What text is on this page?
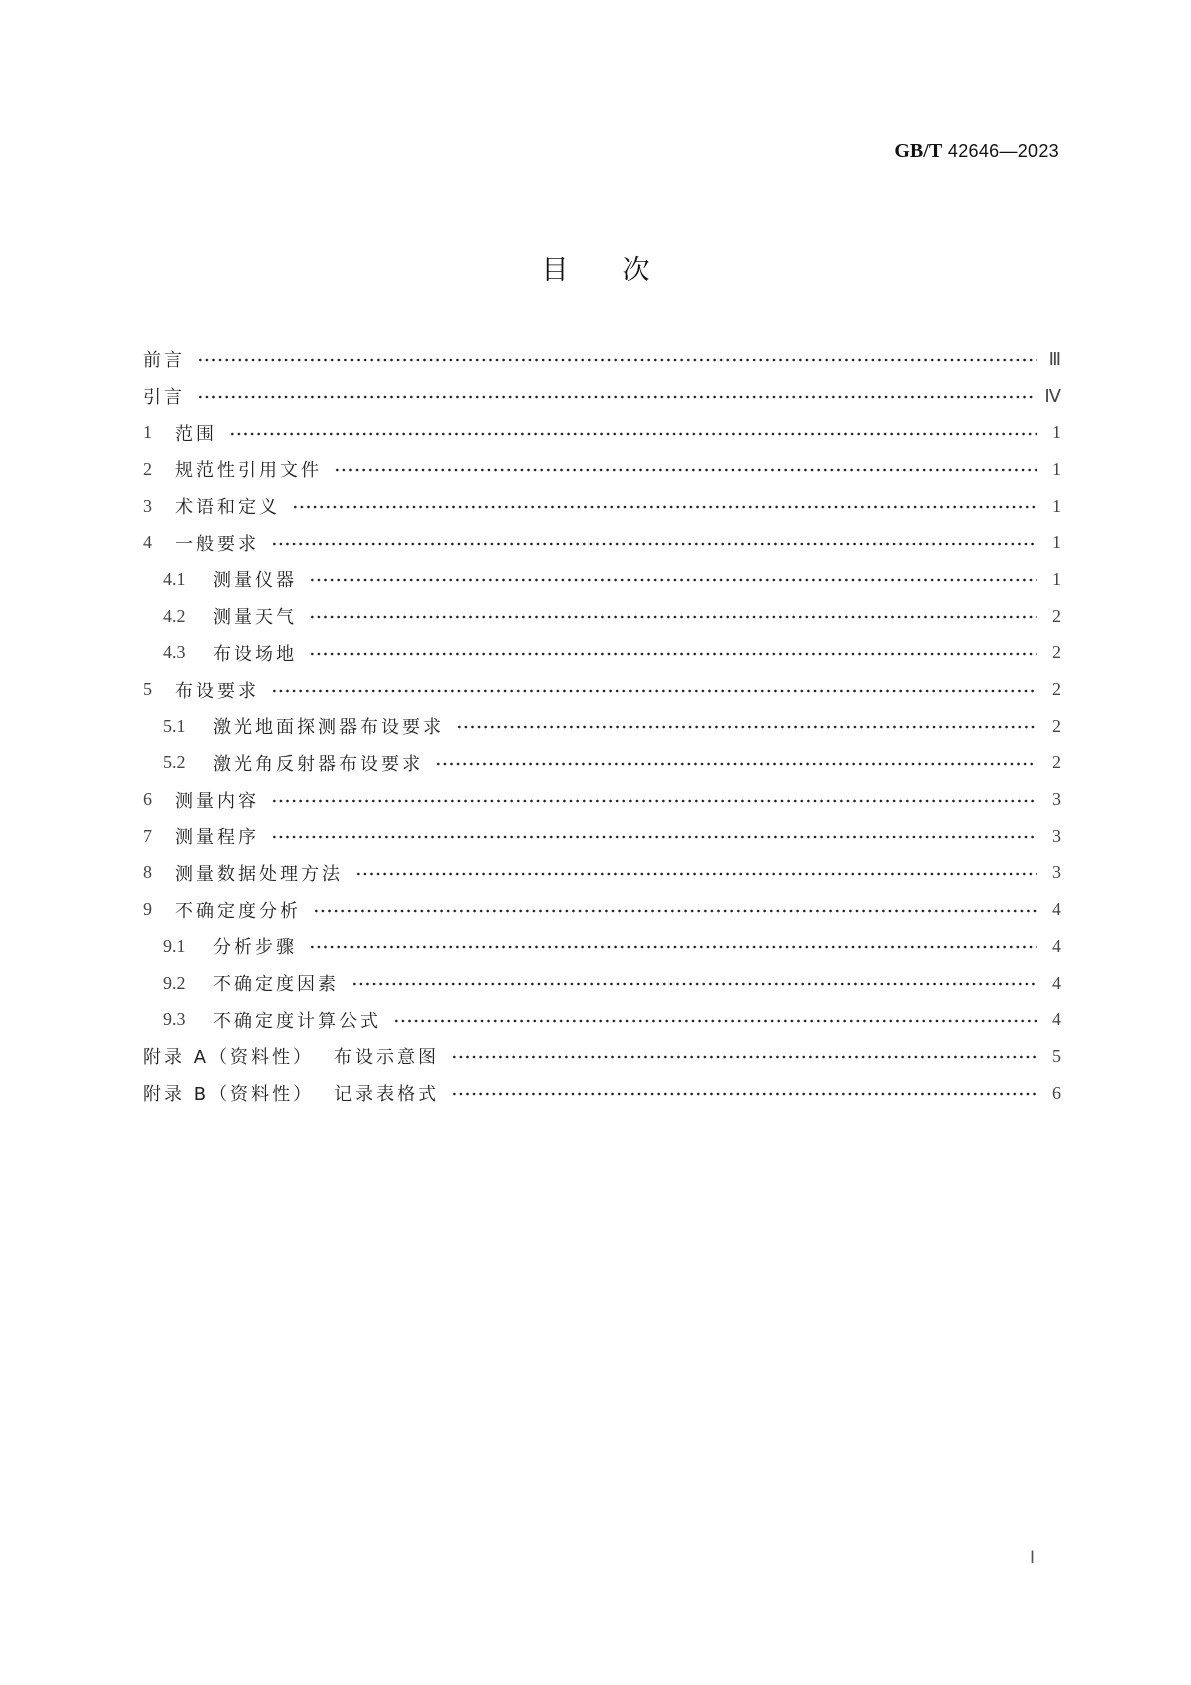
GB/T 42646—2023
目次
前言	Ⅲ
引言	Ⅳ
1	范围	1
2	规范性引用文件	1
3	术语和定义	1
4	一般要求	1
4.1	测量仪器	1
4.2	测量天气	2
4.3	布设场地	2
5	布设要求	2
5.1	激光地面探测器布设要求	2
5.2	激光角反射器布设要求	2
6	测量内容	3
7	测量程序	3
8	测量数据处理方法	3
9	不确定度分析	4
9.1	分析步骤	4
9.2	不确定度因素	4
9.3	不确定度计算公式	4
附录 A（资料性） 布设示意图	5
附录 B（资料性） 记录表格式	6
Ⅰ
